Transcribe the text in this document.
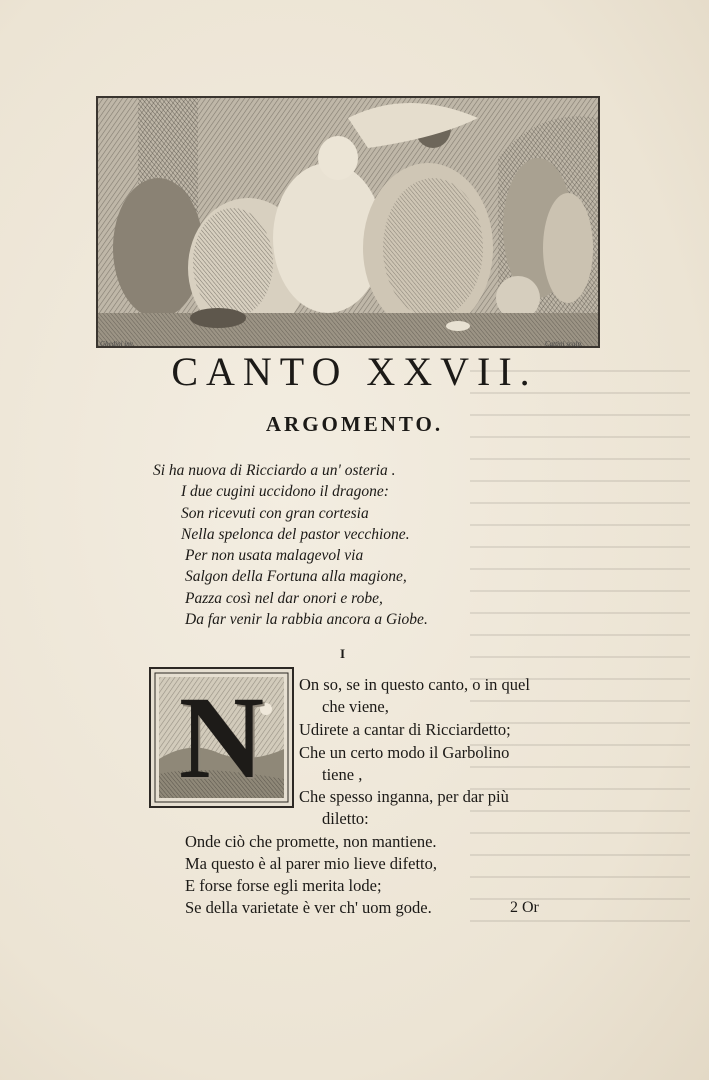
Ghedini inv.	Cattini sculp.
CANTO XXVII.
ARGOMENTO.
Si ha nuova di Ricciardo a un' osteria .
I due cugini uccidono il dragone:
Son ricevuti con gran cortesia
Nella spelonca del pastor vecchione.
Per non usata malagevol via
Salgon della Fortuna alla magione,
Pazza così nel dar onori e robe,
Da far venir la rabbia ancora a Giobe.
I
N	On so, se in questo canto, o in quel
che viene,
Udirete a cantar di Ricciardetto;
Che un certo modo il Garbolino
tiene ,
Che spesso inganna, per dar più
diletto:
Onde ciò che promette, non mantiene.
Ma questo è al parer mio lieve difetto,
E forse forse egli merita lode;
Se della varietate è ver ch' uom gode.	2 Or
